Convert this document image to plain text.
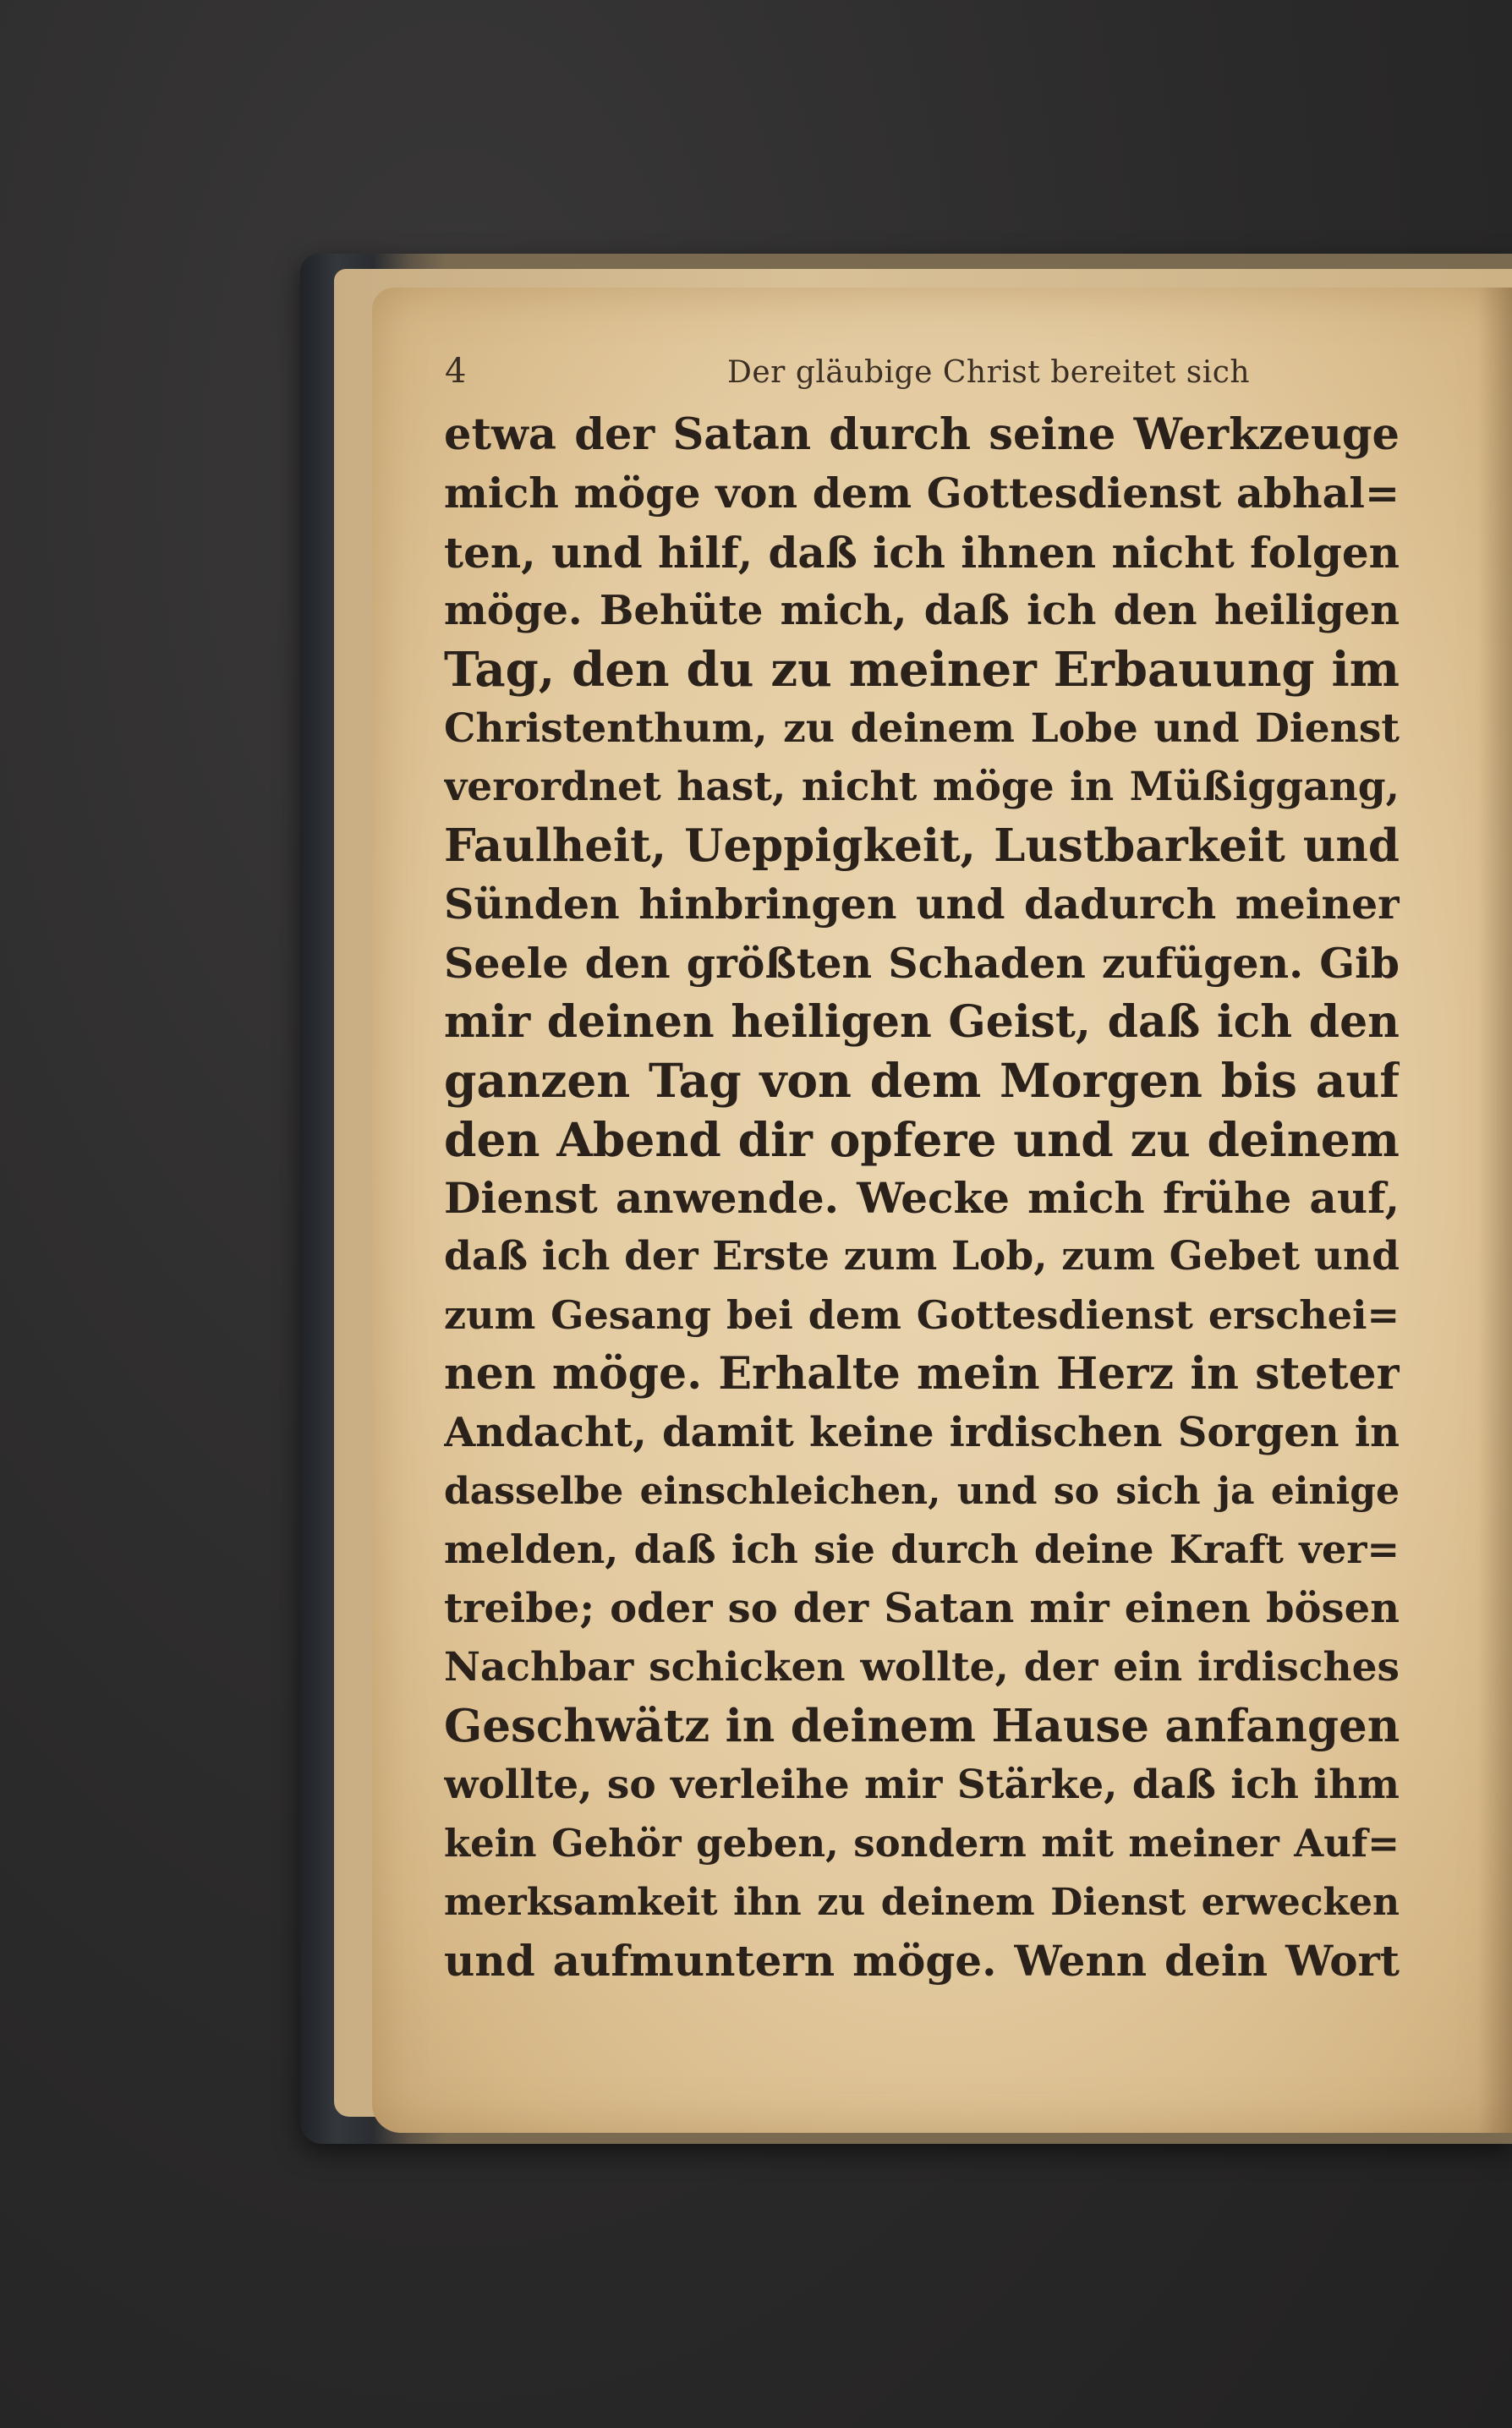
4	Der gläubige Christ bereitet sich
etwa der Satan durch seine Werkzeuge
mich möge von dem Gottesdienst abhal=
ten, und hilf, daß ich ihnen nicht folgen
möge. Behüte mich, daß ich den heiligen
Tag, den du zu meiner Erbauung im
Christenthum, zu deinem Lobe und Dienst
verordnet hast, nicht möge in Müßiggang,
Faulheit, Ueppigkeit, Lustbarkeit und
Sünden hinbringen und dadurch meiner
Seele den größten Schaden zufügen. Gib
mir deinen heiligen Geist, daß ich den
ganzen Tag von dem Morgen bis auf
den Abend dir opfere und zu deinem
Dienst anwende. Wecke mich frühe auf,
daß ich der Erste zum Lob, zum Gebet und
zum Gesang bei dem Gottesdienst erschei=
nen möge. Erhalte mein Herz in steter
Andacht, damit keine irdischen Sorgen in
dasselbe einschleichen, und so sich ja einige
melden, daß ich sie durch deine Kraft ver=
treibe; oder so der Satan mir einen bösen
Nachbar schicken wollte, der ein irdisches
Geschwätz in deinem Hause anfangen
wollte, so verleihe mir Stärke, daß ich ihm
kein Gehör geben, sondern mit meiner Auf=
merksamkeit ihn zu deinem Dienst erwecken
und aufmuntern möge. Wenn dein Wort
